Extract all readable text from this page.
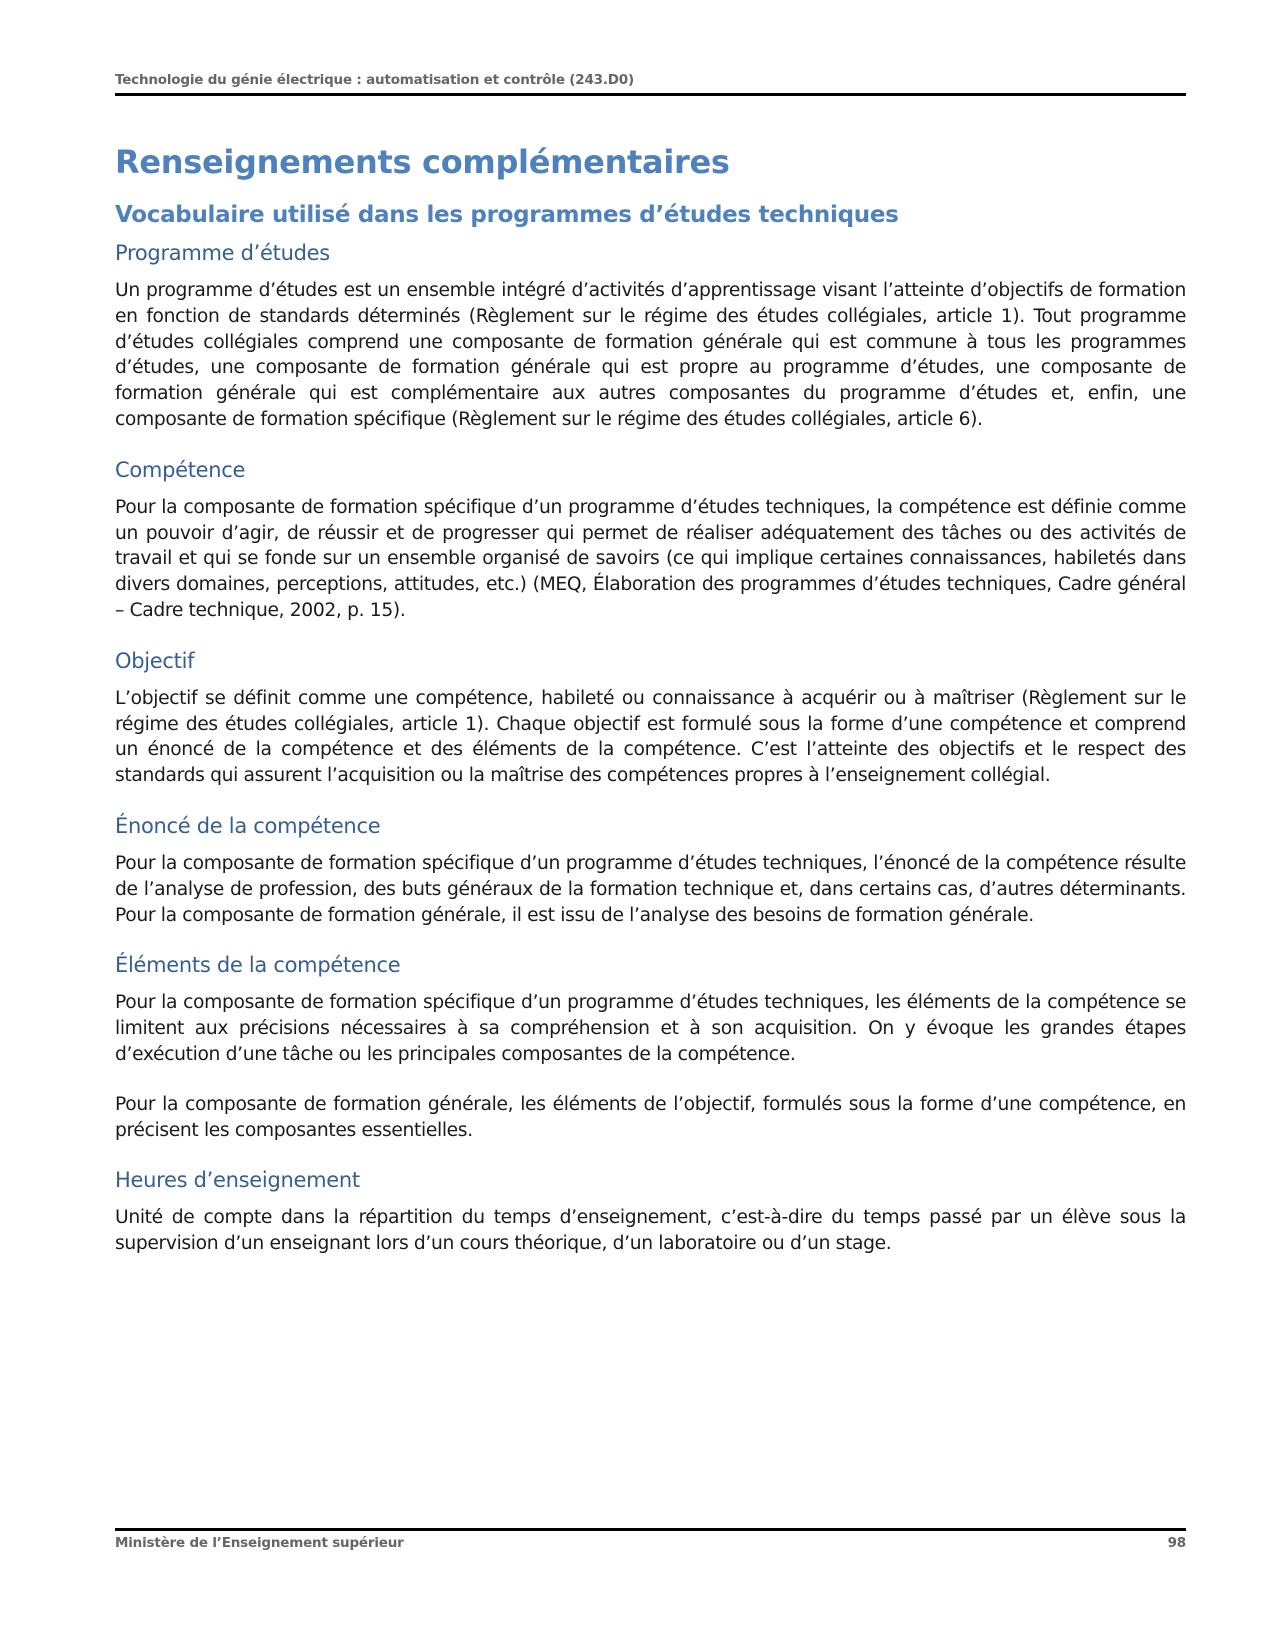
Technologie du génie électrique : automatisation et contrôle (243.D0)
Renseignements complémentaires
Vocabulaire utilisé dans les programmes d’études techniques
Programme d’études

Un programme d’études est un ensemble intégré d’activités d’apprentissage visant l’atteinte d’objectifs de formation en fonction de standards déterminés (Règlement sur le régime des études collégiales, article 1). Tout programme d’études collégiales comprend une composante de formation générale qui est commune à tous les programmes d’études, une composante de formation générale qui est propre au programme d’études, une composante de formation générale qui est complémentaire aux autres composantes du programme d’études et, enfin, une composante de formation spécifique (Règlement sur le régime des études collégiales, article 6).

Compétence

Pour la composante de formation spécifique d’un programme d’études techniques, la compétence est définie comme un pouvoir d’agir, de réussir et de progresser qui permet de réaliser adéquatement des tâches ou des activités de travail et qui se fonde sur un ensemble organisé de savoirs (ce qui implique certaines connaissances, habiletés dans divers domaines, perceptions, attitudes, etc.) (MEQ, Élaboration des programmes d’études techniques, Cadre général – Cadre technique, 2002, p. 15).

Objectif

L’objectif se définit comme une compétence, habileté ou connaissance à acquérir ou à maîtriser (Règlement sur le régime des études collégiales, article 1). Chaque objectif est formulé sous la forme d’une compétence et comprend un énoncé de la compétence et des éléments de la compétence. C’est l’atteinte des objectifs et le respect des standards qui assurent l’acquisition ou la maîtrise des compétences propres à l’enseignement collégial.

Énoncé de la compétence

Pour la composante de formation spécifique d’un programme d’études techniques, l’énoncé de la compétence résulte de l’analyse de profession, des buts généraux de la formation technique et, dans certains cas, d’autres déterminants. Pour la composante de formation générale, il est issu de l’analyse des besoins de formation générale.

Éléments de la compétence

Pour la composante de formation spécifique d’un programme d’études techniques, les éléments de la compétence se limitent aux précisions nécessaires à sa compréhension et à son acquisition. On y évoque les grandes étapes d’exécution d’une tâche ou les principales composantes de la compétence.

Pour la composante de formation générale, les éléments de l’objectif, formulés sous la forme d’une compétence, en précisent les composantes essentielles.

Heures d’enseignement

Unité de compte dans la répartition du temps d’enseignement, c’est-à-dire du temps passé par un élève sous la supervision d’un enseignant lors d’un cours théorique, d’un laboratoire ou d’un stage.

Ministère de l’Enseignement supérieur	98
